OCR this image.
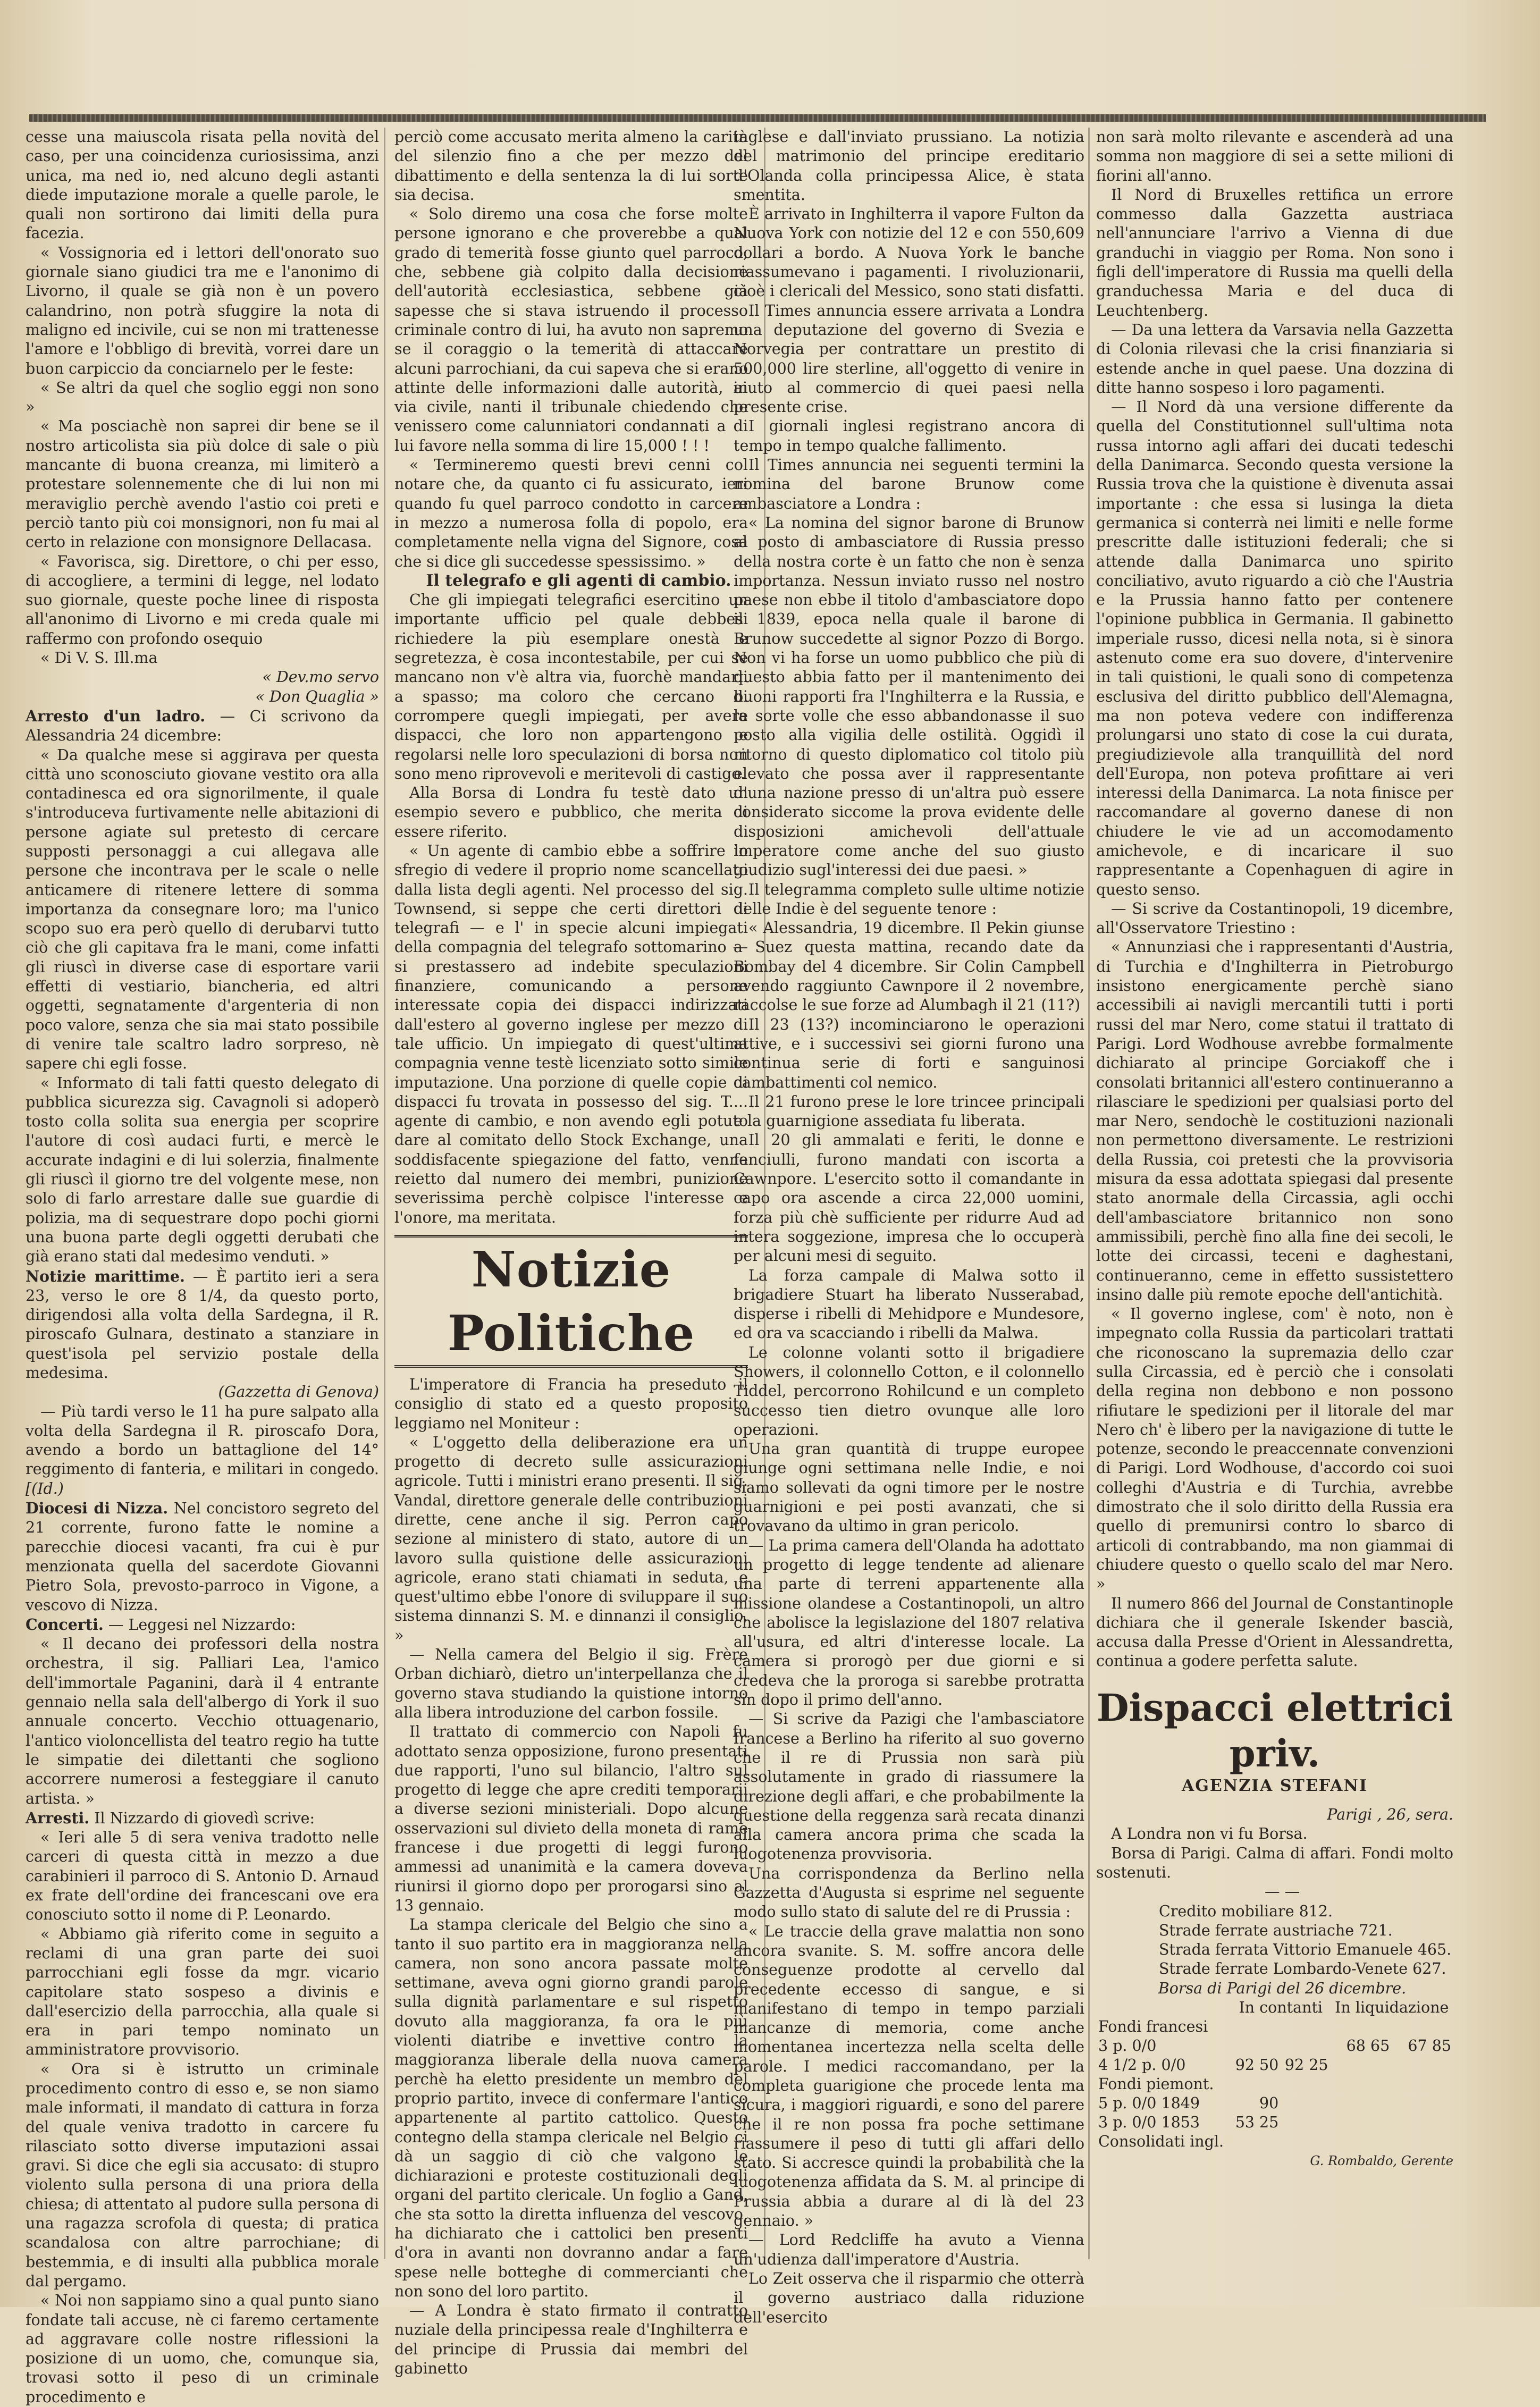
cesse una maiuscola risata pella novità del caso, per una coincidenza curiosissima, anzi unica, ma ned io, ned alcuno degli astanti diede imputazione morale a quelle parole, le quali non sortirono dai limiti della pura facezia.

« Vossignoria ed i lettori dell'onorato suo giornale siano giudici tra me e l'anonimo di Livorno, il quale se già non è un povero calandrino, non potrà sfuggire la nota di maligno ed incivile, cui se non mi trattenesse l'amore e l'obbligo di brevità, vorrei dare un buon carpiccio da conciarnelo per le feste:

« Se altri da quel che soglio eggi non sono »

« Ma posciachè non saprei dir bene se il nostro articolista sia più dolce di sale o più mancante di buona creanza, mi limiterò a protestare solennemente che di lui non mi meraviglio perchè avendo l'astio coi preti e perciò tanto più coi monsignori, non fu mai al certo in relazione con monsignore Dellacasa.

« Favorisca, sig. Direttore, o chi per esso, di accogliere, a termini di legge, nel lodato suo giornale, queste poche linee di risposta all'anonimo di Livorno e mi creda quale mi raffermo con profondo osequio

« Di V. S. Ill.ma

« Dev.mo servo

« Don Quaglia »

Arresto d'un ladro. — Ci scrivono da Alessandria 24 dicembre:

« Da qualche mese si aggirava per questa città uno sconosciuto giovane vestito ora alla contadinesca ed ora signorilmente, il quale s'introduceva furtivamente nelle abitazioni di persone agiate sul pretesto di cercare supposti personaggi a cui allegava alle persone che incontrava per le scale o nelle anticamere di ritenere lettere di somma importanza da consegnare loro; ma l'unico scopo suo era però quello di derubarvi tutto ciò che gli capitava fra le mani, come infatti gli riuscì in diverse case di esportare varii effetti di vestiario, biancheria, ed altri oggetti, segnatamente d'argenteria di non poco valore, senza che sia mai stato possibile di venire tale scaltro ladro sorpreso, nè sapere chi egli fosse.

« Informato di tali fatti questo delegato di pubblica sicurezza sig. Cavagnoli si adoperò tosto colla solita sua energia per scoprire l'autore di così audaci furti, e mercè le accurate indagini e di lui solerzia, finalmente gli riuscì il giorno tre del volgente mese, non solo di farlo arrestare dalle sue guardie di polizia, ma di sequestrare dopo pochi giorni una buona parte degli oggetti derubati che già erano stati dal medesimo venduti. »

Notizie marittime. — È partito ieri a sera 23, verso le ore 8 1/4, da questo porto, dirigendosi alla volta della Sardegna, il R. piroscafo Gulnara, destinato a stanziare in quest'isola pel servizio postale della medesima.

(Gazzetta di Genova)

— Più tardi verso le 11 ha pure salpato alla volta della Sardegna il R. piroscafo Dora, avendo a bordo un battaglione del 14° reggimento di fanteria, e militari in congedo. [(Id.)

Diocesi di Nizza. Nel concistoro segreto del 21 corrente, furono fatte le nomine a parecchie diocesi vacanti, fra cui è pur menzionata quella del sacerdote Giovanni Pietro Sola, prevosto-parroco in Vigone, a vescovo di Nizza.

Concerti. — Leggesi nel Nizzardo:

« Il decano dei professori della nostra orchestra, il sig. Palliari Lea, l'amico dell'immortale Paganini, darà il 4 entrante gennaio nella sala dell'albergo di York il suo annuale concerto. Vecchio ottuagenario, l'antico violoncellista del teatro regio ha tutte le simpatie dei dilettanti che sogliono accorrere numerosi a festeggiare il canuto artista. »

Arresti. Il Nizzardo di giovedì scrive:

« Ieri alle 5 di sera veniva tradotto nelle carceri di questa città in mezzo a due carabinieri il parroco di S. Antonio D. Arnaud ex frate dell'ordine dei francescani ove era conosciuto sotto il nome di P. Leonardo.

« Abbiamo già riferito come in seguito a reclami di una gran parte dei suoi parrocchiani egli fosse da mgr. vicario capitolare stato sospeso a divinis e dall'esercizio della parrocchia, alla quale si era in pari tempo nominato un amministratore provvisorio.

« Ora si è istrutto un criminale procedimento contro di esso e, se non siamo male informati, il mandato di cattura in forza del quale veniva tradotto in carcere fu rilasciato sotto diverse imputazioni assai gravi. Si dice che egli sia accusato: di stupro violento sulla persona di una priora della chiesa; di attentato al pudore sulla persona di una ragazza scrofola di questa; di pratica scandalosa con altre parrochiane; di bestemmia, e di insulti alla pubblica morale dal pergamo.

« Noi non sappiamo sino a qual punto siano fondate tali accuse, nè ci faremo certamente ad aggravare colle nostre riflessioni la posizione di un uomo, che, comunque sia, trovasi sotto il peso di un criminale procedimento e

perciò come accusato merita almeno la carità del silenzio fino a che per mezzo del dibattimento e della sentenza la di lui sorte sia decisa.

« Solo diremo una cosa che forse molte persone ignorano e che proverebbe a qual grado di temerità fosse giunto quel parroco, che, sebbene già colpito dalla decisione dell'autorità ecclesiastica, sebbene già sapesse che si stava istruendo il processo criminale contro di lui, ha avuto non sapremo se il coraggio o la temerità di attaccare alcuni parrochiani, da cui sapeva che si erano attinte delle informazioni dalle autorità, in via civile, nanti il tribunale chiedendo che venissero come calunniatori condannati a di lui favore nella somma di lire 15,000 ! ! !

« Termineremo questi brevi cenni col notare che, da quanto ci fu assicurato, ieri quando fu quel parroco condotto in carcere in mezzo a numerosa folla di popolo, era completamente nella vigna del Signore, cosa che si dice gli succedesse spessissimo. »

Il telegrafo e gli agenti di cambio.

Che gli impiegati telegrafici esercitino un importante ufficio pel quale debbesi richiedere la più esemplare onestà e segretezza, è cosa incontestabile, per cui se mancano non v'è altra via, fuorchè mandarli a spasso; ma coloro che cercano di corrompere quegli impiegati, per avere dispacci, che loro non appartengono e regolarsi nelle loro speculazioni di borsa non sono meno riprovevoli e meritevoli di castigo.

Alla Borsa di Londra fu testè dato un esempio severo e pubblico, che merita di essere riferito.

« Un agente di cambio ebbe a soffrire lo sfregio di vedere il proprio nome scancellato dalla lista degli agenti. Nel processo del sig. Townsend, si seppe che certi direttori di telegrafi — e l' in specie alcuni impiegati della compagnia del telegrafo sottomarino — si prestassero ad indebite speculazioni finanziere, comunicando a persone interessate copia dei dispacci indirizzati dall'estero al governo inglese per mezzo di tale ufficio. Un impiegato di quest'ultima compagnia venne testè licenziato sotto simile imputazione. Una porzione di quelle copie di dispacci fu trovata in possesso del sig. T.... agente di cambio, e non avendo egli potuto dare al comitato dello Stock Exchange, una soddisfacente spiegazione del fatto, venne reietto dal numero dei membri, punizione severissima perchè colpisce l'interesse e l'onore, ma meritata.

Notizie Politiche

L'imperatore di Francia ha preseduto il consiglio di stato ed a questo proposito leggiamo nel Moniteur :

« L'oggetto della deliberazione era un progetto di decreto sulle assicurazioni agricole. Tutti i ministri erano presenti. Il sig. Vandal, direttore generale delle contribuzioni dirette, cene anche il sig. Perron capo sezione al ministero di stato, autore di un lavoro sulla quistione delle assicurazioni agricole, erano stati chiamati in seduta, e quest'ultimo ebbe l'onore di sviluppare il suo sistema dinnanzi S. M. e dinnanzi il consiglio. »

— Nella camera del Belgio il sig. Frère Orban dichiarò, dietro un'interpellanza che il governo stava studiando la quistione intorno alla libera introduzione del carbon fossile.

Il trattato di commercio con Napoli fu adottato senza opposizione, furono presentati due rapporti, l'uno sul bilancio, l'altro sul progetto di legge che apre crediti temporarii a diverse sezioni ministeriali. Dopo alcune osservazioni sul divieto della moneta di rame francese i due progetti di leggi furono ammessi ad unanimità e la camera doveva riunirsi il giorno dopo per prorogarsi sino al 13 gennaio.

La stampa clericale del Belgio che sino a tanto il suo partito era in maggioranza nella camera, non sono ancora passate molte settimane, aveva ogni giorno grandi parole sulla dignità parlamentare e sul rispetto dovuto alla maggioranza, fa ora le più violenti diatribe e invettive contro la maggioranza liberale della nuova camera perchè ha eletto presidente un membro del proprio partito, invece di confermare l'antico appartenente al partito cattolico. Questo contegno della stampa clericale nel Belgio ci dà un saggio di ciò che valgono le dichiarazioni e proteste costituzionali degli organi del partito clericale. Un foglio a Gand, che sta sotto la diretta influenza del vescovo, ha dichiarato che i cattolici ben presenti d'ora in avanti non dovranno andar a fare spese nelle botteghe di commercianti che non sono del loro partito.

— A Londra è stato firmato il contratto nuziale della principessa reale d'Inghilterra e del principe di Prussia dai membri del gabinetto

inglese e dall'inviato prussiano. La notizia del matrimonio del principe ereditario d'Olanda colla principessa Alice, è stata smentita.

È arrivato in Inghilterra il vapore Fulton da Nuova York con notizie del 12 e con 550,609 dollari a bordo. A Nuova York le banche riassumevano i pagamenti. I rivoluzionarii, cioè i clericali del Messico, sono stati disfatti.

Il Times annuncia essere arrivata a Londra una deputazione del governo di Svezia e Norvegia per contrattare un prestito di 500,000 lire sterline, all'oggetto di venire in aiuto al commercio di quei paesi nella presente crise.

I giornali inglesi registrano ancora di tempo in tempo qualche fallimento.

Il Times annuncia nei seguenti termini la nomina del barone Brunow come ambasciatore a Londra :

« La nomina del signor barone di Brunow al posto di ambasciatore di Russia presso della nostra corte è un fatto che non è senza importanza. Nessun inviato russo nel nostro paese non ebbe il titolo d'ambasciatore dopo il 1839, epoca nella quale il barone di Brunow succedette al signor Pozzo di Borgo. Non vi ha forse un uomo pubblico che più di questo abbia fatto per il mantenimento dei buoni rapporti fra l'Inghilterra e la Russia, e la sorte volle che esso abbandonasse il suo posto alla vigilia delle ostilità. Oggidì il ritorno di questo diplomatico col titolo più elevato che possa aver il rappresentante d'una nazione presso di un'altra può essere considerato siccome la prova evidente delle disposizioni amichevoli dell'attuale imperatore come anche del suo giusto giudizio sugl'interessi dei due paesi. »

Il telegramma completo sulle ultime notizie delle Indie è del seguente tenore :

« Alessandria, 19 dicembre. Il Pekin giunse a Suez questa mattina, recando date da Bombay del 4 dicembre. Sir Colin Campbell avendo raggiunto Cawnpore il 2 novembre, raccolse le sue forze ad Alumbagh il 21 (11?)

Il 23 (13?) incominciarono le operazioni attive, e i successivi sei giorni furono una continua serie di forti e sanguinosi cambattimenti col nemico.

Il 21 furono prese le lore trincee principali e la guarnigione assediata fu liberata.

Il 20 gli ammalati e feriti, le donne e fanciulli, furono mandati con iscorta a Cawnpore. L'esercito sotto il comandante in capo ora ascende a circa 22,000 uomini, forza più chè sufficiente per ridurre Aud ad intera soggezione, impresa che lo occuperà per alcuni mesi di seguito.

La forza campale di Malwa sotto il brigadiere Stuart ha liberato Nusserabad, disperse i ribelli di Mehidpore e Mundesore, ed ora va scacciando i ribelli da Malwa.

Le colonne volanti sotto il brigadiere Showers, il colonnello Cotton, e il colonnello Tiddel, percorrono Rohilcund e un completo successo tien dietro ovunque alle loro operazioni.

Una gran quantità di truppe europee giunge ogni settimana nelle Indie, e noi siamo sollevati da ogni timore per le nostre guarnigioni e pei posti avanzati, che si trovavano da ultimo in gran pericolo.

— La prima camera dell'Olanda ha adottato un progetto di legge tendente ad alienare una parte di terreni appartenente alla missione olandese a Costantinopoli, un altro che abolisce la legislazione del 1807 relativa all'usura, ed altri d'interesse locale. La camera si prorogò per due giorni e si credeva che la proroga si sarebbe protratta sin dopo il primo dell'anno.

— Si scrive da Pazigi che l'ambasciatore francese a Berlino ha riferito al suo governo che il re di Prussia non sarà più assolutamente in grado di riassumere la direzione degli affari, e che probabilmente la questione della reggenza sarà recata dinanzi alla camera ancora prima che scada la luogotenenza provvisoria.

Una corrispondenza da Berlino nella Gazzetta d'Augusta si esprime nel seguente modo sullo stato di salute del re di Prussia :

« Le traccie della grave malattia non sono ancora svanite. S. M. soffre ancora delle conseguenze prodotte al cervello dal precedente eccesso di sangue, e si manifestano di tempo in tempo parziali mancanze di memoria, come anche momentanea incertezza nella scelta delle parole. I medici raccomandano, per la completa guarigione che procede lenta ma sicura, i maggiori riguardi, e sono del parere che il re non possa fra poche settimane riassumere il peso di tutti gli affari dello stato. Si accresce quindi la probabilità che la luogotenenza affidata da S. M. al principe di Prussia abbia a durare al di là del 23 gennaio. »

— Lord Redcliffe ha avuto a Vienna un'udienza dall'imperatore d'Austria.

Lo Zeit osserva che il risparmio che otterrà il governo austriaco dalla riduzione dell'esercito

non sarà molto rilevante e ascenderà ad una somma non maggiore di sei a sette milioni di fiorini all'anno.

Il Nord di Bruxelles rettifica un errore commesso dalla Gazzetta austriaca nell'annunciare l'arrivo a Vienna di due granduchi in viaggio per Roma. Non sono i figli dell'imperatore di Russia ma quelli della granduchessa Maria e del duca di Leuchtenberg.

— Da una lettera da Varsavia nella Gazzetta di Colonia rilevasi che la crisi finanziaria si estende anche in quel paese. Una dozzina di ditte hanno sospeso i loro pagamenti.

— Il Nord dà una versione differente da quella del Constitutionnel sull'ultima nota russa intorno agli affari dei ducati tedeschi della Danimarca. Secondo questa versione la Russia trova che la quistione è divenuta assai importante : che essa si lusinga la dieta germanica si conterrà nei limiti e nelle forme prescritte dalle istituzioni federali; che si attende dalla Danimarca uno spirito conciliativo, avuto riguardo a ciò che l'Austria e la Prussia hanno fatto per contenere l'opinione pubblica in Germania. Il gabinetto imperiale russo, dicesi nella nota, si è sinora astenuto come era suo dovere, d'intervenire in tali quistioni, le quali sono di competenza esclusiva del diritto pubblico dell'Alemagna, ma non poteva vedere con indifferenza prolungarsi uno stato di cose la cui durata, pregiudizievole alla tranquillità del nord dell'Europa, non poteva profittare ai veri interessi della Danimarca. La nota finisce per raccomandare al governo danese di non chiudere le vie ad un accomodamento amichevole, e di incaricare il suo rappresentante a Copenhaguen di agire in questo senso.

— Si scrive da Costantinopoli, 19 dicembre, all'Osservatore Triestino :

« Annunziasi che i rappresentanti d'Austria, di Turchia e d'Inghilterra in Pietroburgo insistono energicamente perchè siano accessibili ai navigli mercantili tutti i porti russi del mar Nero, come statui il trattato di Parigi. Lord Wodhouse avrebbe formalmente dichiarato al principe Gorciakoff che i consolati britannici all'estero continueranno a rilasciare le spedizioni per qualsiasi porto del mar Nero, sendochè le costituzioni nazionali non permettono diversamente. Le restrizioni della Russia, coi pretesti che la provvisoria misura da essa adottata spiegasi dal presente stato anormale della Circassia, agli occhi dell'ambasciatore britannico non sono ammissibili, perchè fino alla fine dei secoli, le lotte dei circassi, teceni e daghestani, continueranno, ceme in effetto sussistettero insino dalle più remote epoche dell'antichità.

« Il governo inglese, com' è noto, non è impegnato colla Russia da particolari trattati che riconoscano la supremazia dello czar sulla Circassia, ed è perciò che i consolati della regina non debbono e non possono rifiutare le spedizioni per il litorale del mar Nero ch' è libero per la navigazione di tutte le potenze, secondo le preaccennate convenzioni di Parigi. Lord Wodhouse, d'accordo coi suoi colleghi d'Austria e di Turchia, avrebbe dimostrato che il solo diritto della Russia era quello di premunirsi contro lo sbarco di articoli di contrabbando, ma non giammai di chiudere questo o quello scalo del mar Nero. »

Il numero 866 del Journal de Constantinople dichiara che il generale Iskender bascià, accusa dalla Presse d'Orient in Alessandretta, continua a godere perfetta salute.

Dispacci elettrici priv.
AGENZIA STEFANI

Parigi , 26, sera.

A Londra non vi fu Borsa.

Borsa di Parigi. Calma di affari. Fondi molto sostenuti.

— —

Credito mobiliare 812.

Strade ferrate austriache 721.

Strada ferrata Vittorio Emanuele 465.

Strade ferrate Lombardo-Venete 627.

Borsa di Parigi del 26 dicembre.

	In contanti		In liquidazione	
Fondi francesi				
3 p. 0/0			68 65	67 85
4 1/2 p. 0/0	92 50	92 25		
Fondi piemont.				
5 p. 0/0 1849	90			
3 p. 0/0 1853	53 25			
Consolidati ingl.				

G. Rombaldo, Gerente
